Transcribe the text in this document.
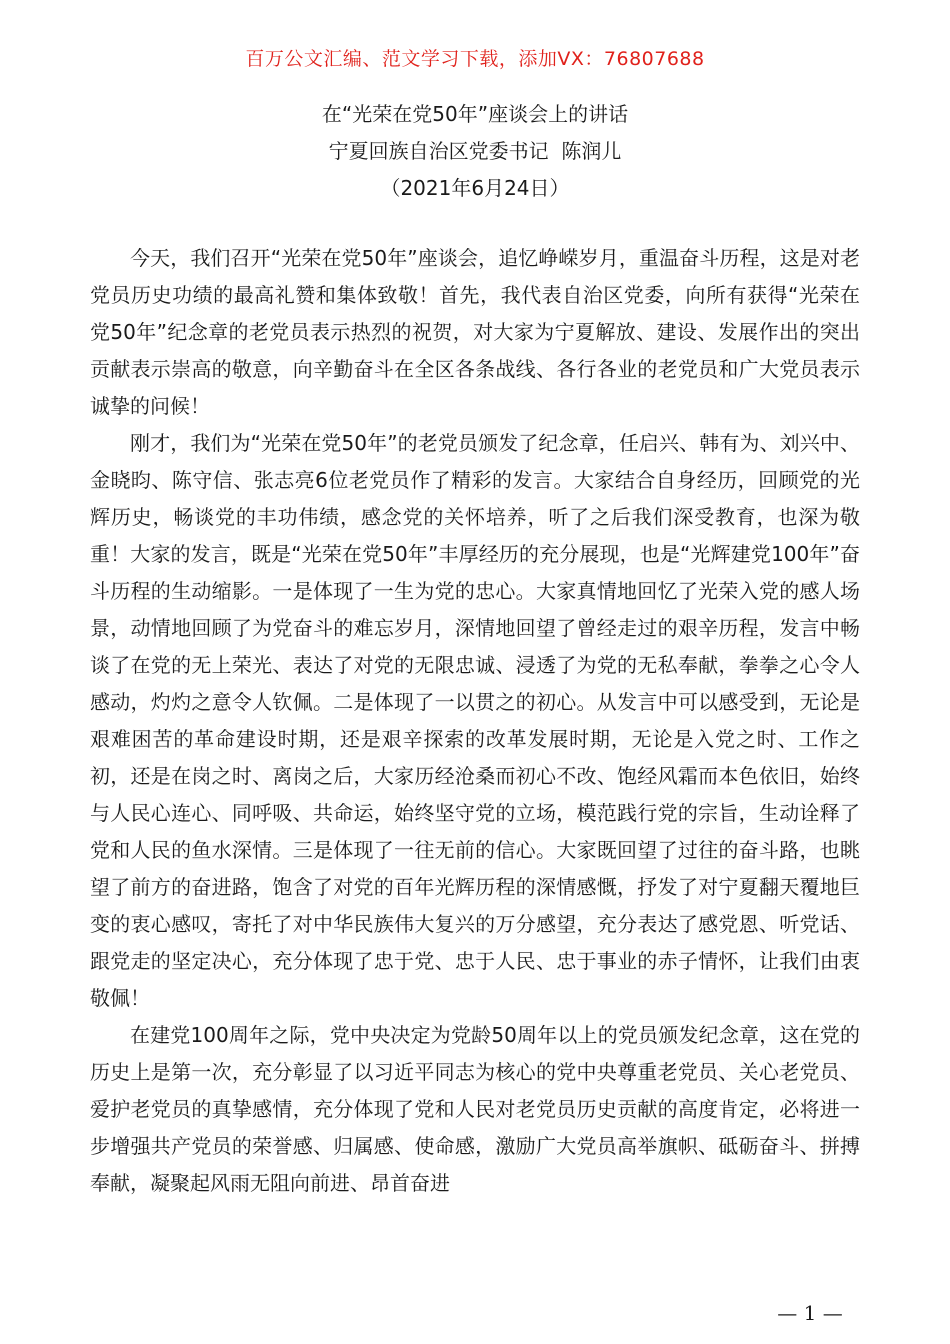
百万公文汇编、范文学习下载，添加VX：76807688
在“光荣在党50年”座谈会上的讲话
宁夏回族自治区党委书记  陈润儿
（2021年6月24日）

今天，我们召开“光荣在党50年”座谈会，追忆峥嵘岁月，重温奋斗历程，这是对老党员历史功绩的最高礼赞和集体致敬！首先，我代表自治区党委，向所有获得“光荣在党50年”纪念章的老党员表示热烈的祝贺，对大家为宁夏解放、建设、发展作出的突出贡献表示崇高的敬意，向辛勤奋斗在全区各条战线、各行各业的老党员和广大党员表示诚挚的问候！

刚才，我们为“光荣在党50年”的老党员颁发了纪念章，任启兴、韩有为、刘兴中、金晓昀、陈守信、张志亮6位老党员作了精彩的发言。大家结合自身经历，回顾党的光辉历史，畅谈党的丰功伟绩，感念党的关怀培养，听了之后我们深受教育，也深为敬重！大家的发言，既是“光荣在党50年”丰厚经历的充分展现，也是“光辉建党100年”奋斗历程的生动缩影。一是体现了一生为党的忠心。大家真情地回忆了光荣入党的感人场景，动情地回顾了为党奋斗的难忘岁月，深情地回望了曾经走过的艰辛历程，发言中畅谈了在党的无上荣光、表达了对党的无限忠诚、浸透了为党的无私奉献，拳拳之心令人感动，灼灼之意令人钦佩。二是体现了一以贯之的初心。从发言中可以感受到，无论是艰难困苦的革命建设时期，还是艰辛探索的改革发展时期，无论是入党之时、工作之初，还是在岗之时、离岗之后，大家历经沧桑而初心不改、饱经风霜而本色依旧，始终与人民心连心、同呼吸、共命运，始终坚守党的立场，模范践行党的宗旨，生动诠释了党和人民的鱼水深情。三是体现了一往无前的信心。大家既回望了过往的奋斗路，也眺望了前方的奋进路，饱含了对党的百年光辉历程的深情感慨，抒发了对宁夏翻天覆地巨变的衷心感叹，寄托了对中华民族伟大复兴的万分感望，充分表达了感党恩、听党话、跟党走的坚定决心，充分体现了忠于党、忠于人民、忠于事业的赤子情怀，让我们由衷敬佩！

在建党100周年之际，党中央决定为党龄50周年以上的党员颁发纪念章，这在党的历史上是第一次，充分彰显了以习近平同志为核心的党中央尊重老党员、关心老党员、爱护老党员的真挚感情，充分体现了党和人民对老党员历史贡献的高度肯定，必将进一步增强共产党员的荣誉感、归属感、使命感，激励广大党员高举旗帜、砥砺奋斗、拼搏奉献，凝聚起风雨无阻向前进、昂首奋进

— 1 —
